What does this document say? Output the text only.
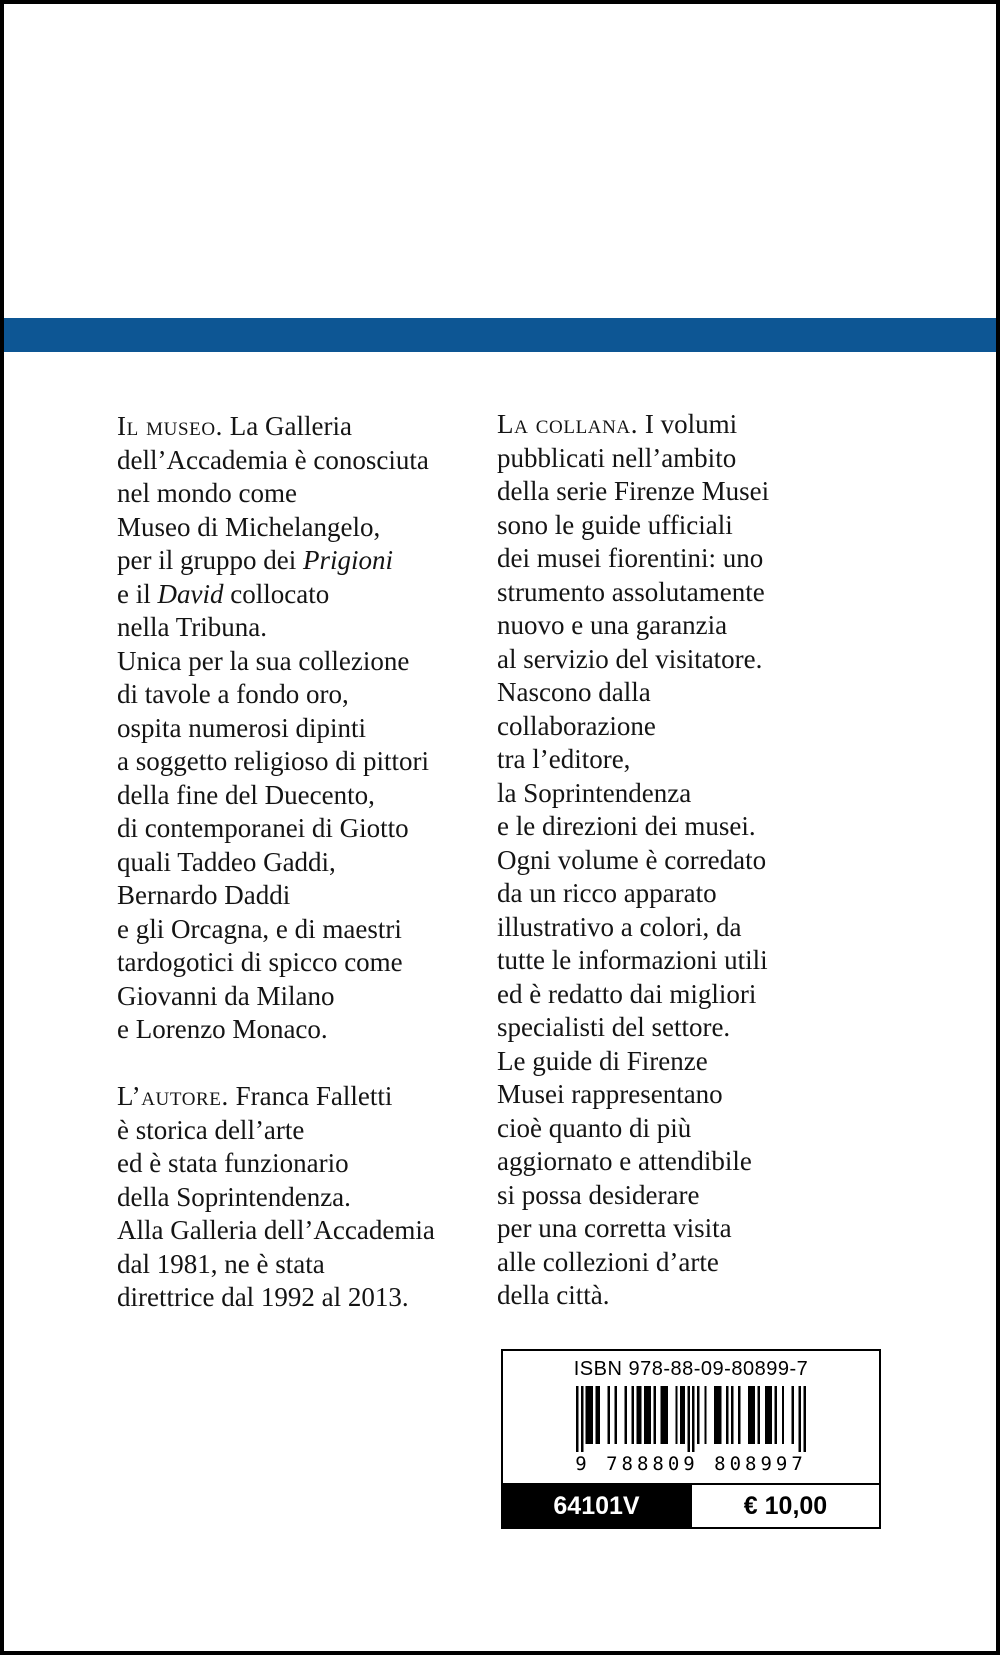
Il museo. La Galleria
dell’Accademia è conosciuta
nel mondo come
Museo di Michelangelo,
per il gruppo dei Prigioni
e il David collocato
nella Tribuna.
Unica per la sua collezione
di tavole a fondo oro,
ospita numerosi dipinti
a soggetto religioso di pittori
della fine del Duecento,
di contemporanei di Giotto
quali Taddeo Gaddi,
Bernardo Daddi
e gli Orcagna, e di maestri
tardogotici di spicco come
Giovanni da Milano
e Lorenzo Monaco.
L’autore. Franca Falletti
è storica dell’arte
ed è stata funzionario
della Soprintendenza.
Alla Galleria dell’Accademia
dal 1981, ne è stata
direttrice dal 1992 al 2013.
La collana. I volumi
pubblicati nell’ambito
della serie Firenze Musei
sono le guide ufficiali
dei musei fiorentini: uno
strumento assolutamente
nuovo e una garanzia
al servizio del visitatore.
Nascono dalla
collaborazione
tra l’editore,
la Soprintendenza
e le direzioni dei musei.
Ogni volume è corredato
da un ricco apparato
illustrativo a colori, da
tutte le informazioni utili
ed è redatto dai migliori
specialisti del settore.
Le guide di Firenze
Musei rappresentano
cioè quanto di più
aggiornato e attendibile
si possa desiderare
per una corretta visita
alle collezioni d’arte
della città.
ISBN 978-88-09-80899-7
9 788809 808997
64101V	€ 10,00
